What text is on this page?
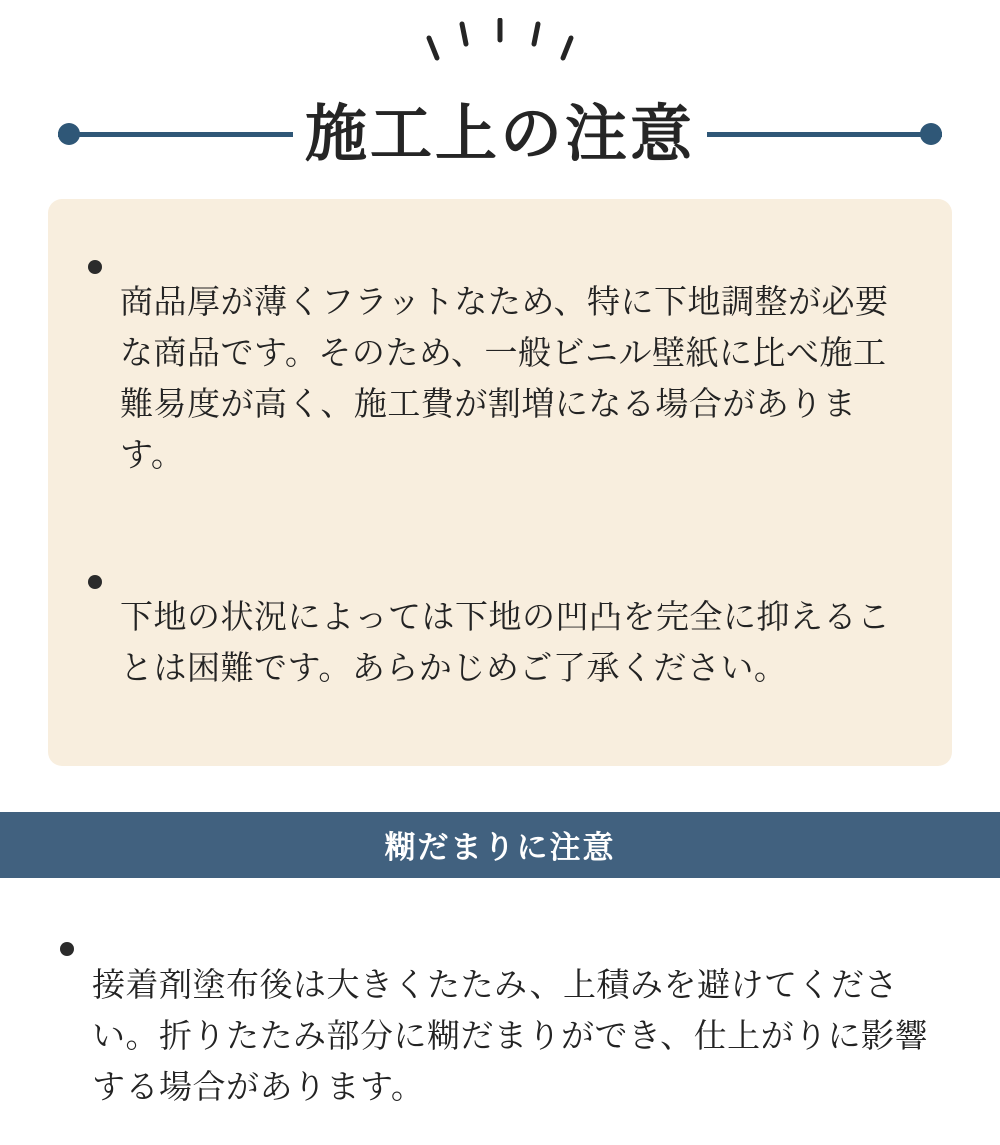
施工上の注意

商品厚が薄くフラットなため、特に下地調整が必要な商品です。そのため、一般ビニル壁紙に比べ施工難易度が高く、施工費が割増になる場合があります。

下地の状況によっては下地の凹凸を完全に抑えることは困難です。あらかじめご了承ください。

糊だまりに注意

接着剤塗布後は大きくたたみ、上積みを避けてください。折りたたみ部分に糊だまりができ、仕上がりに影響する場合があります。
